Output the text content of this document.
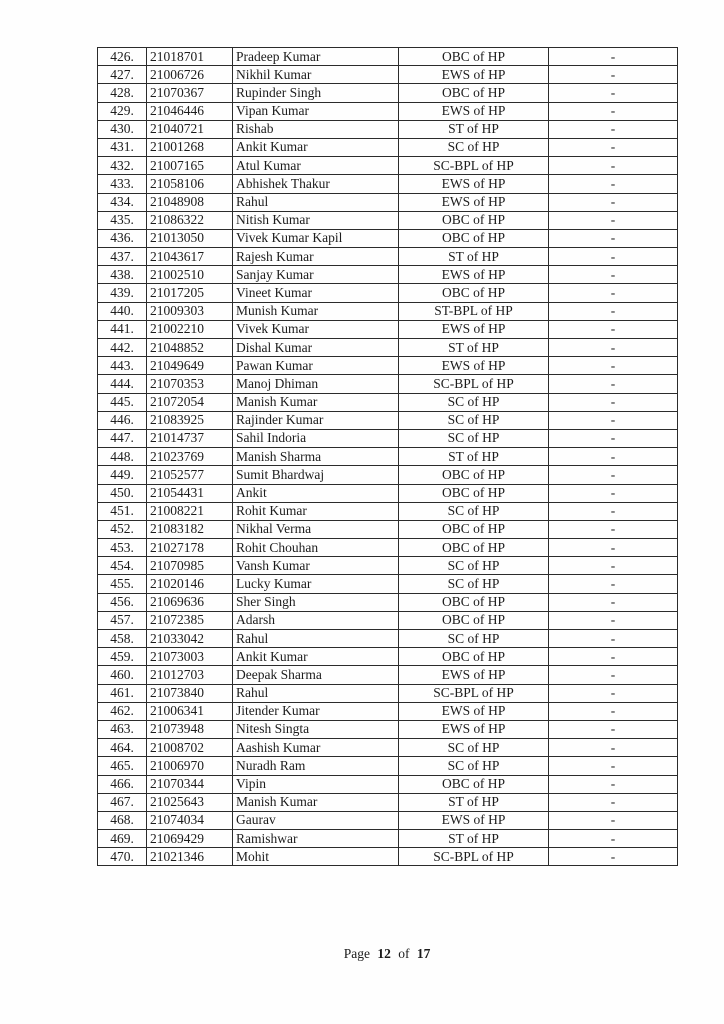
426.	21018701	Pradeep Kumar	OBC of HP	-
427.	21006726	Nikhil Kumar	EWS of HP	-
428.	21070367	Rupinder Singh	OBC of HP	-
429.	21046446	Vipan Kumar	EWS of HP	-
430.	21040721	Rishab	ST of HP	-
431.	21001268	Ankit Kumar	SC of HP	-
432.	21007165	Atul Kumar	SC-BPL of HP	-
433.	21058106	Abhishek Thakur	EWS of HP	-
434.	21048908	Rahul	EWS of HP	-
435.	21086322	Nitish Kumar	OBC of HP	-
436.	21013050	Vivek Kumar Kapil	OBC of HP	-
437.	21043617	Rajesh Kumar	ST of HP	-
438.	21002510	Sanjay Kumar	EWS of HP	-
439.	21017205	Vineet Kumar	OBC of HP	-
440.	21009303	Munish Kumar	ST-BPL of HP	-
441.	21002210	Vivek Kumar	EWS of HP	-
442.	21048852	Dishal Kumar	ST of HP	-
443.	21049649	Pawan Kumar	EWS of HP	-
444.	21070353	Manoj Dhiman	SC-BPL of HP	-
445.	21072054	Manish Kumar	SC of HP	-
446.	21083925	Rajinder Kumar	SC of HP	-
447.	21014737	Sahil Indoria	SC of HP	-
448.	21023769	Manish Sharma	ST of HP	-
449.	21052577	Sumit Bhardwaj	OBC of HP	-
450.	21054431	Ankit	OBC of HP	-
451.	21008221	Rohit Kumar	SC of HP	-
452.	21083182	Nikhal Verma	OBC of HP	-
453.	21027178	Rohit Chouhan	OBC of HP	-
454.	21070985	Vansh Kumar	SC of HP	-
455.	21020146	Lucky Kumar	SC of HP	-
456.	21069636	Sher Singh	OBC of HP	-
457.	21072385	Adarsh	OBC of HP	-
458.	21033042	Rahul	SC of HP	-
459.	21073003	Ankit Kumar	OBC of HP	-
460.	21012703	Deepak Sharma	EWS of HP	-
461.	21073840	Rahul	SC-BPL of HP	-
462.	21006341	Jitender Kumar	EWS of HP	-
463.	21073948	Nitesh Singta	EWS of HP	-
464.	21008702	Aashish Kumar	SC of HP	-
465.	21006970	Nuradh Ram	SC of HP	-
466.	21070344	Vipin	OBC of HP	-
467.	21025643	Manish Kumar	ST of HP	-
468.	21074034	Gaurav	EWS of HP	-
469.	21069429	Ramishwar	ST of HP	-
470.	21021346	Mohit	SC-BPL of HP	-
Page 12 of 17
